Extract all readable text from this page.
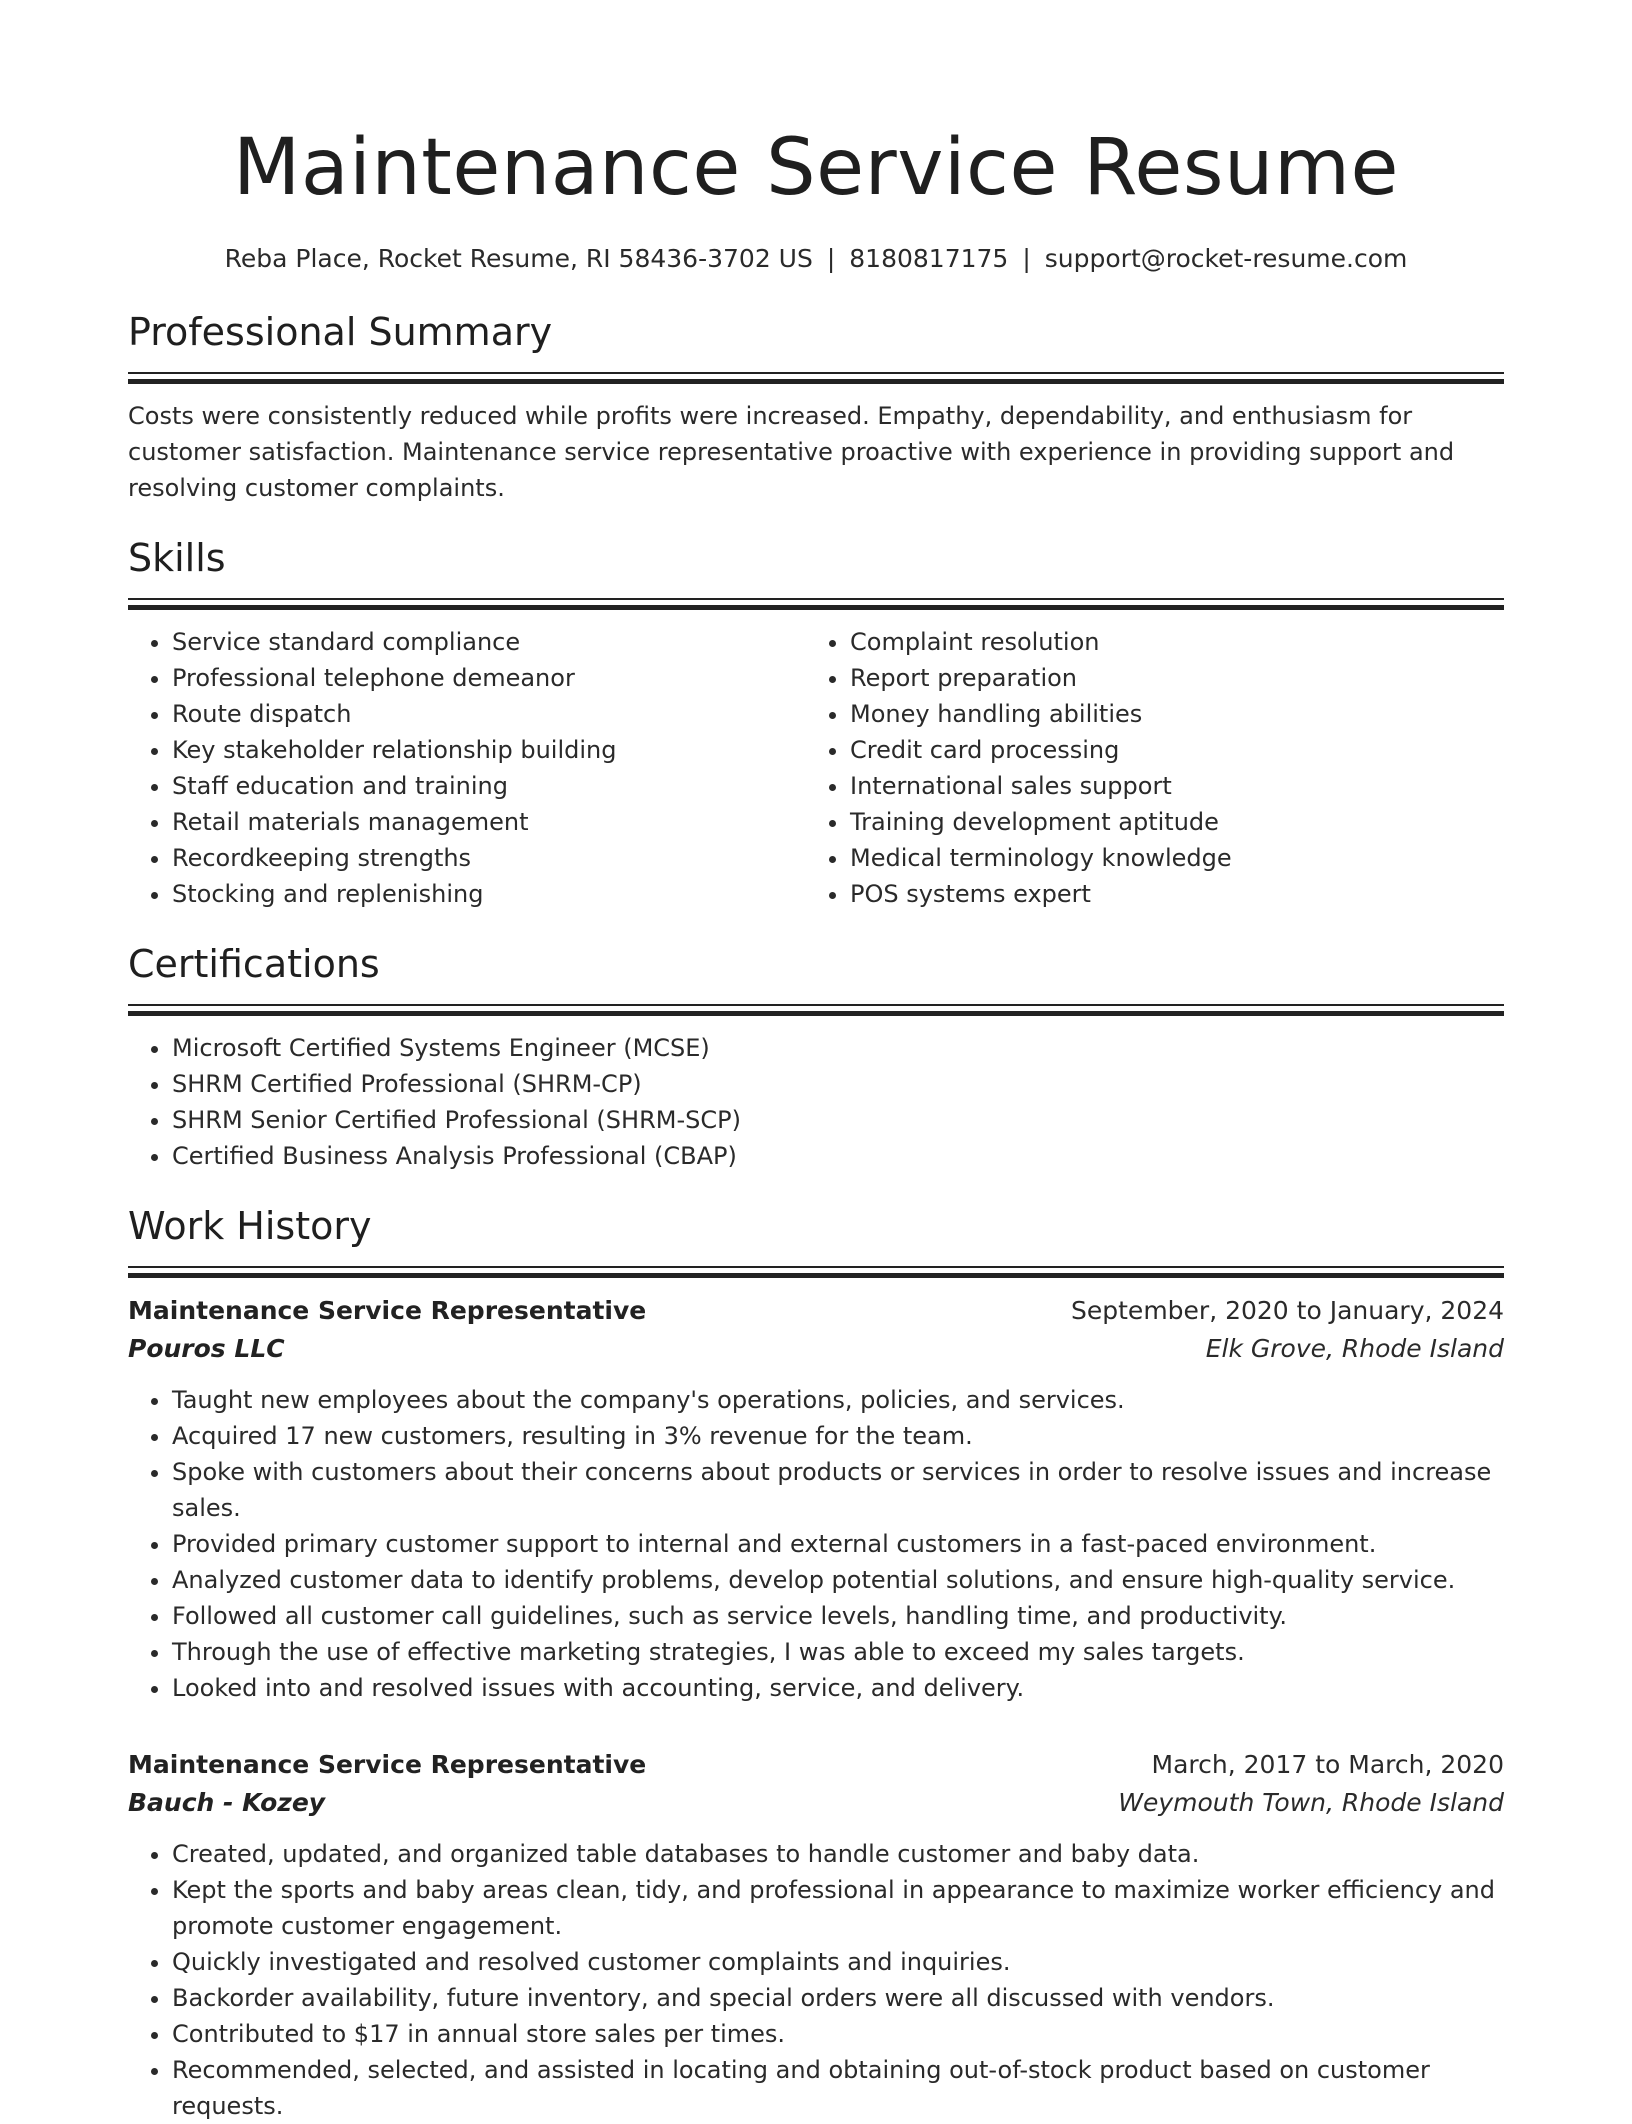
Maintenance Service Resume
Reba Place, Rocket Resume, RI 58436-3702 US | 8180817175 | support@rocket-resume.com
Professional Summary
Costs were consistently reduced while profits were increased. Empathy, dependability, and enthusiasm for customer satisfaction. Maintenance service representative proactive with experience in providing support and resolving customer complaints.
Skills
• Service standard compliance
• Professional telephone demeanor
• Route dispatch
• Key stakeholder relationship building
• Staff education and training
• Retail materials management
• Recordkeeping strengths
• Stocking and replenishing
• Complaint resolution
• Report preparation
• Money handling abilities
• Credit card processing
• International sales support
• Training development aptitude
• Medical terminology knowledge
• POS systems expert
Certifications
• Microsoft Certified Systems Engineer (MCSE)
• SHRM Certified Professional (SHRM-CP)
• SHRM Senior Certified Professional (SHRM-SCP)
• Certified Business Analysis Professional (CBAP)
Work History
Maintenance Service Representative	September, 2020 to January, 2024
Pouros LLC	Elk Grove, Rhode Island
• Taught new employees about the company's operations, policies, and services.
• Acquired 17 new customers, resulting in 3% revenue for the team.
• Spoke with customers about their concerns about products or services in order to resolve issues and increase sales.
• Provided primary customer support to internal and external customers in a fast-paced environment.
• Analyzed customer data to identify problems, develop potential solutions, and ensure high-quality service.
• Followed all customer call guidelines, such as service levels, handling time, and productivity.
• Through the use of effective marketing strategies, I was able to exceed my sales targets.
• Looked into and resolved issues with accounting, service, and delivery.
Maintenance Service Representative	March, 2017 to March, 2020
Bauch - Kozey	Weymouth Town, Rhode Island
• Created, updated, and organized table databases to handle customer and baby data.
• Kept the sports and baby areas clean, tidy, and professional in appearance to maximize worker efficiency and promote customer engagement.
• Quickly investigated and resolved customer complaints and inquiries.
• Backorder availability, future inventory, and special orders were all discussed with vendors.
• Contributed to $17 in annual store sales per times.
• Recommended, selected, and assisted in locating and obtaining out-of-stock product based on customer requests.
